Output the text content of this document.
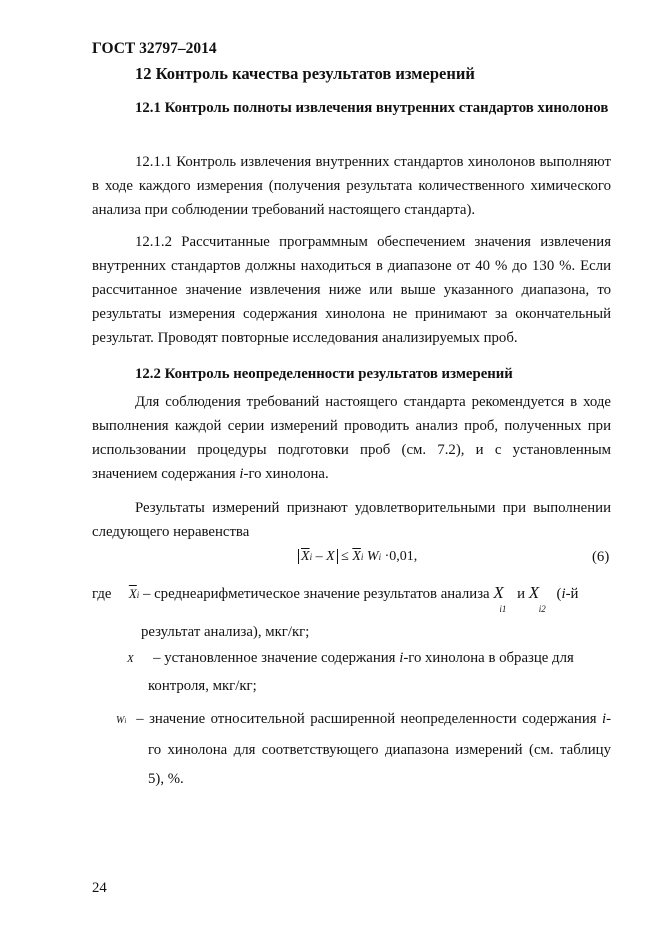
ГОСТ 32797–2014
12 Контроль качества результатов измерений

12.1 Контроль полноты извлечения внутренних стандартов хинолонов

12.1.1 Контроль извлечения внутренних стандартов хинолонов выполняют в ходе каждого измерения (получения результата количественного химического анализа при соблюдении требований настоящего стандарта).

12.1.2 Рассчитанные программным обеспечением значения извлечения внутренних стандартов должны находиться в диапазоне от 40 % до 130 %. Если рассчитанное значение извлечения ниже или выше указанного диапазона, то результаты измерения содержания хинолона не принимают за окончательный результат. Проводят повторные исследования анализируемых проб.

12.2 Контроль неопределенности результатов измерений

Для соблюдения требований настоящего стандарта рекомендуется в ходе выполнения каждой серии измерений проводить анализ проб, полученных при использовании процедуры подготовки проб (см. 7.2), и с установленным значением содержания i-го хинолона.

Результаты измерений признают удовлетворительными при выполнении следующего неравенства

$\overline{X}i - X \le \overline{X}i$ Wi ·0,01,	(6)
где $\overline{X}i$ – среднеарифметическое значение результатов анализа X
i1
и X
i2
(i-й
результат анализа), мкг/кг;
X – установленное значение содержания i-го хинолона в образце для
контроля, мкг/кг;
Wi – значение относительной расширенной неопределенности содержания i-го хинолона для соответствующего диапазона измерений (см. таблицу 5), %.
24
